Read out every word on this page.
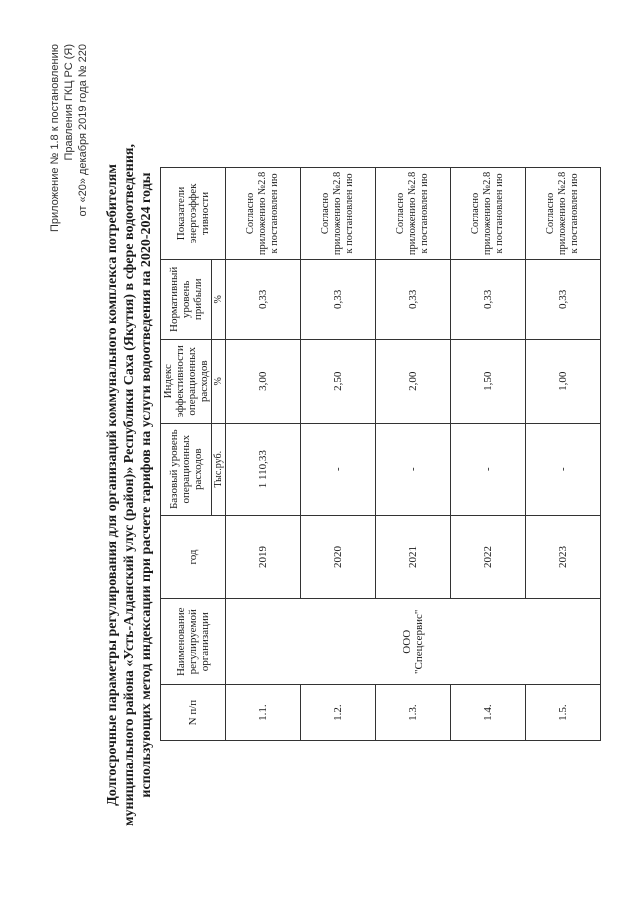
Приложение № 1.8 к постановлению Правления ГКЦ РС (Я) от «20» декабря 2019 года № 220
Долгосрочные параметры регулирования для организаций коммунального комплекса потребителям муниципального района «Усть-Алданский улус (район)» Республики Саха (Якутия) в сфере водоотведения, использующих метод индексации при расчете тарифов на услуги водоотведения на 2020-2024 годы	N п/п	Наименование регулируемой организации	год	Базовый уровень операционных расходов	Индекс эффективности операционных расходов	Нормативный уровень прибыли	Показатели энергоэффек тивности
			Тыс.руб.	%	%	
1.1.	ООО "Спецсервис"	2019	1 110,33	3,00	0,33	Согласно приложению №2.8 к постановлен ию
1.2.		2020	-	2,50	0,33	Согласно приложению №2.8 к постановлен ию
1.3.		2021	-	2,00	0,33	Согласно приложению №2.8 к постановлен ию
1.4.		2022	-	1,50	0,33	Согласно приложению №2.8 к постановлен ию
1.5.		2023	-	1,00	0,33	Согласно приложению №2.8 к постановлен ию
